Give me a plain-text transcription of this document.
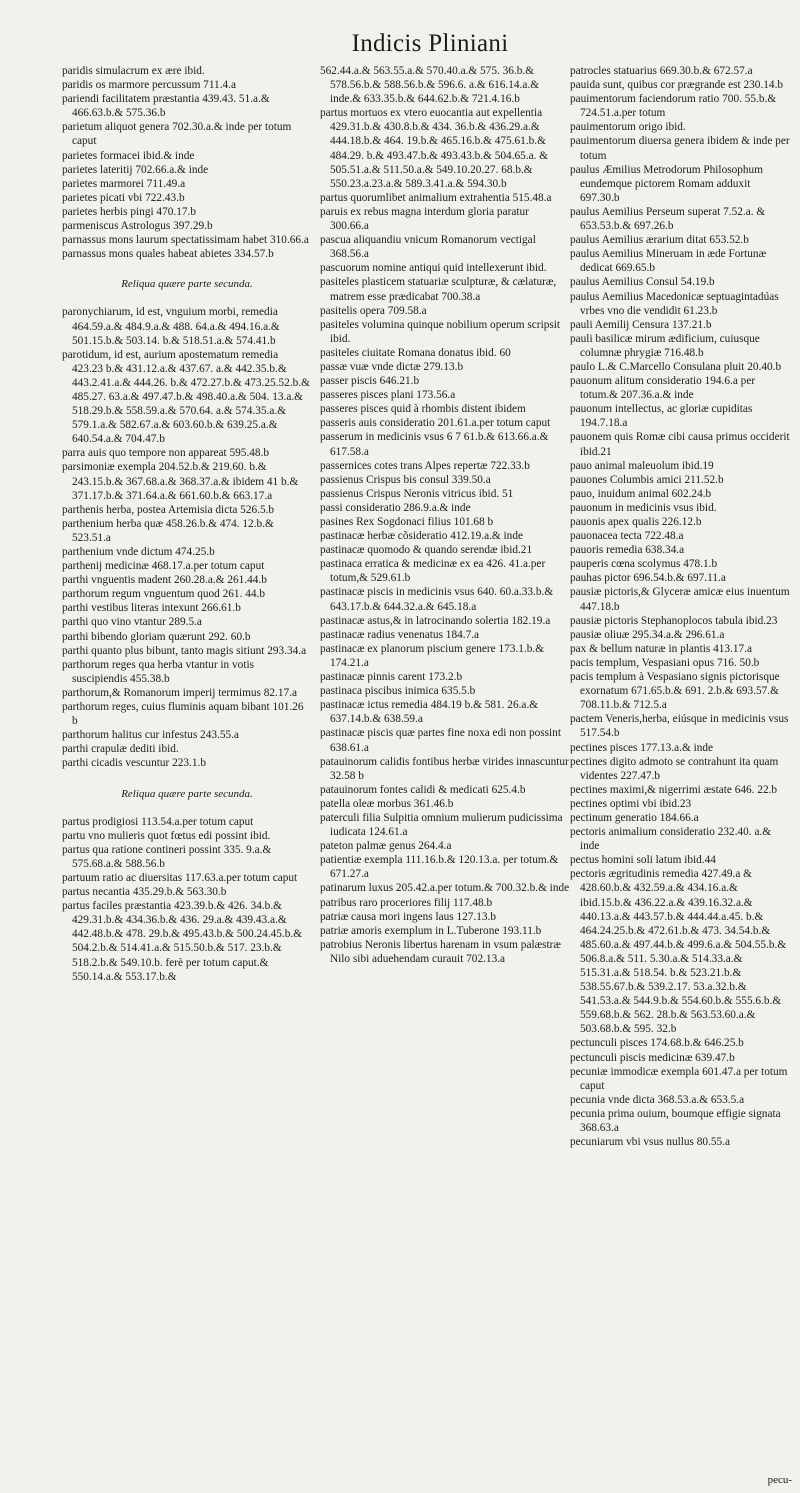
Indicis Pliniani
paridis simulacrum ex ære ibid.
paridis os marmore percussum 711.4.a
pariendi facilitatem præstantia 439.43. 51.a.& 466.63.b.& 575.36.b
parietum aliquot genera 702.30.a.& inde per totum caput
parietes formacei ibid.& inde
parietes lateritij 702.66.a.& inde
parietes marmorei 711.49.a
parietes picati vbi 722.43.b
parietes herbis pingi 470.17.b
parmeniscus Astrologus 397.29.b
parnassus mons laurum spectatissimam habet 310.66.a
parnassus mons quales habeat abietes 334.57.b
Reliqua quære parte secunda.
paronychiarum, id est, vnguium morbi, remedia 464.59.a.& 484.9.a.& 488. 64.a.& 494.16.a.& 501.15.b.& 503.14. b.& 518.51.a.& 574.41.b
parotidum, id est, aurium apostematum remedia 423.23 b.& 431.12.a.& 437.67. a.& 442.35.b.& 443.2.41.a.& 444.26. b.& 472.27.b.& 473.25.52.b.& 485.27. 63.a.& 497.47.b.& 498.40.a.& 504. 13.a.& 518.29.b.& 558.59.a.& 570.64. a.& 574.35.a.& 579.1.a.& 582.67.a.& 603.60.b.& 639.25.a.& 640.54.a.& 704.47.b
parra auis quo tempore non appareat 595.48.b
parsimoniæ exempla 204.52.b.& 219.60. b.& 243.15.b.& 367.68.a.& 368.37.a.& ibidem 41 b.& 371.17.b.& 371.64.a.& 661.60.b.& 663.17.a
parthenis herba, postea Artemisia dicta 526.5.b
parthenium herba quæ 458.26.b.& 474. 12.b.& 523.51.a
parthenium vnde dictum 474.25.b
parthenij medicinæ 468.17.a.per totum caput
parthi vnguentis madent 260.28.a.& 261.44.b
parthorum regum vnguentum quod 261. 44.b
parthi vestibus literas intexunt 266.61.b
parthi quo vino vtantur 289.5.a
parthi bibendo gloriam quærunt 292. 60.b
parthi quanto plus bibunt, tanto magis sitiunt 293.34.a
parthorum reges qua herba vtantur in votis suscipiendis 455.38.b
parthorum,& Romanorum imperij termimus 82.17.a
parthorum reges, cuius fluminis aquam bibant 101.26 b
parthorum halitus cur infestus 243.55.a
parthi crapulæ dediti ibid.
parthi cicadis vescuntur 223.1.b
Reliqua quære parte secunda.
partus prodigiosi 113.54.a.per totum caput
partu vno mulieris quot fœtus edi possint ibid.
partus qua ratione contineri possint 335. 9.a.& 575.68.a.& 588.56.b
partuum ratio ac diuersitas 117.63.a.per totum caput
partus necantia 435.29.b.& 563.30.b
partus faciles præstantia 423.39.b.& 426. 34.b.& 429.31.b.& 434.36.b.& 436. 29.a.& 439.43.a.& 442.48.b.& 478. 29.b.& 495.43.b.& 500.24.45.b.& 504.2.b.& 514.41.a.& 515.50.b.& 517. 23.b.& 518.2.b.& 549.10.b. ferè per totum caput.& 550.14.a.& 553.17.b.&
562.44.a.& 563.55.a.& 570.40.a.& 575. 36.b.& 578.56.b.& 588.56.b.& 596.6. a.& 616.14.a.& inde.& 633.35.b.& 644.62.b.& 721.4.16.b
partus mortuos ex vtero euocantia aut expellentia 429.31.b.& 430.8.b.& 434. 36.b.& 436.29.a.& 444.18.b.& 464. 19.b.& 465.16.b.& 475.61.b.& 484.29. b.& 493.47.b.& 493.43.b.& 504.65.a. & 505.51.a.& 511.50.a.& 549.10.20.27. 68.b.& 550.23.a.23.a.& 589.3.41.a.& 594.30.b
partus quorumlibet animalium extrahentia 515.48.a
paruis ex rebus magna interdum gloria paratur 300.66.a
pascua aliquandiu vnicum Romanorum vectigal 368.56.a
pascuorum nomine antiqui quid intellexerunt ibid.
pasiteles plasticem statuariæ sculpturæ, & cælaturæ, matrem esse prædicabat 700.38.a
pasitelis opera 709.58.a
pasiteles volumina quinque nobilium operum scripsit ibid.
pasiteles ciuitate Romana donatus ibid. 60
passæ vuæ vnde dictæ 279.13.b
passer piscis 646.21.b
passeres pisces plani 173.56.a
passeres pisces quid à rhombis distent ibidem
passeris auis consideratio 201.61.a.per totum caput
passerum in medicinis vsus 6 7 61.b.& 613.66.a.& 617.58.a
passernices cotes trans Alpes repertæ 722.33.b
passienus Crispus bis consul 339.50.a
passienus Crispus Neronis vitricus ibid. 51
passi consideratio 286.9.a.& inde
pasines Rex Sogdonaci filius 101.68 b
pastinacæ herbæ cõsideratio 412.19.a.& inde
pastinacæ quomodo & quando serendæ ibid.21
pastinaca erratica & medicinæ ex ea 426. 41.a.per totum,& 529.61.b
pastinacæ piscis in medicinis vsus 640. 60.a.33.b.& 643.17.b.& 644.32.a.& 645.18.a
pastinacæ astus,& in latrocinando solertia 182.19.a
pastinacæ radius venenatus 184.7.a
pastinacæ ex planorum piscium genere 173.1.b.& 174.21.a
pastinacæ pinnis carent 173.2.b
pastinaca piscibus inimica 635.5.b
pastinacæ ictus remedia 484.19 b.& 581. 26.a.& 637.14.b.& 638.59.a
pastinacæ piscis quæ partes fine noxa edi non possint 638.61.a
patauinorum calidis fontibus herbæ virides innascuntur 32.58 b
patauinorum fontes calidi & medicati 625.4.b
patella oleæ morbus 361.46.b
paterculi filia Sulpitia omnium mulierum pudicissima iudicata 124.61.a
pateton palmæ genus 264.4.a
patientiæ exempla 111.16.b.& 120.13.a. per totum.& 671.27.a
patinarum luxus 205.42.a.per totum.& 700.32.b.& inde
patribus raro proceriores filij 117.48.b
patriæ causa mori ingens laus 127.13.b
patriæ amoris exemplum in L.Tuberone 193.11.b
patrobius Neronis libertus harenam in vsum palæstræ Nilo sibi aduehendam curauit 702.13.a
patrocles statuarius 669.30.b.& 672.57.a
pauida sunt, quibus cor prægrande est 230.14.b
pauimentorum faciendorum ratio 700. 55.b.& 724.51.a.per totum
pauimentorum origo ibid.
pauimentorum diuersa genera ibidem & inde per totum
paulus Æmilius Metrodorum Philosophum eundemque pictorem Romam adduxit 697.30.b
paulus Aemilius Perseum superat 7.52.a. & 653.53.b.& 697.26.b
paulus Aemilius ærarium ditat 653.52.b
paulus Aemilius Mineruam in æde Fortunæ dedicat 669.65.b
paulus Aemilius Consul 54.19.b
paulus Aemilius Macedonicæ septuagintadúas vrbes vno die vendidit 61.23.b
pauli Aemilij Censura 137.21.b
pauli basilicæ mirum ædificium, cuiusque columnæ phrygiæ 716.48.b
paulo L.& C.Marcello Consulana pluit 20.40.b
pauonum alitum consideratio 194.6.a per totum.& 207.36.a.& inde
pauonum intellectus, ac gloriæ cupiditas 194.7.18.a
pauonem quis Romæ cibi causa primus occiderit ibid.21
pauo animal maleuolum ibid.19
pauones Columbis amici 211.52.b
pauo, inuidum animal 602.24.b
pauonum in medicinis vsus ibid.
pauonis apex qualis 226.12.b
pauonacea tecta 722.48.a
pauoris remedia 638.34.a
pauperis cœna scolymus 478.1.b
pauhas pictor 696.54.b.& 697.11.a
pausiæ pictoris,& Glyceræ amicæ eius inuentum 447.18.b
pausiæ pictoris Stephanoplocos tabula ibid.23
pausiæ oliuæ 295.34.a.& 296.61.a
pax & bellum naturæ in plantis 413.17.a
pacis templum, Vespasiani opus 716. 50.b
pacis templum à Vespasiano signis pictorisque exornatum 671.65.b.& 691. 2.b.& 693.57.& 708.11.b.& 712.5.a
pactem Veneris,herba, eiúsque in medicinis vsus 517.54.b
pectines pisces 177.13.a.& inde
pectines digito admoto se contrahunt ita quam videntes 227.47.b
pectines maximi,& nigerrimi æstate 646. 22.b
pectines optimi vbi ibid.23
pectinum generatio 184.66.a
pectoris animalium consideratio 232.40. a.& inde
pectus homini soli latum ibid.44
pectoris ægritudinis remedia 427.49.a & 428.60.b.& 432.59.a.& 434.16.a.& ibid.15.b.& 436.22.a.& 439.16.32.a.& 440.13.a.& 443.57.b.& 444.44.a.45. b.& 464.24.25.b.& 472.61.b.& 473. 34.54.b.& 485.60.a.& 497.44.b.& 499.6.a.& 504.55.b.& 506.8.a.& 511. 5.30.a.& 514.33.a.& 515.31.a.& 518.54. b.& 523.21.b.& 538.55.67.b.& 539.2.17. 53.a.32.b.& 541.53.a.& 544.9.b.& 554.60.b.& 555.6.b.& 559.68.b.& 562. 28.b.& 563.53.60.a.& 503.68.b.& 595. 32.b
pectunculi pisces 174.68.b.& 646.25.b
pectunculi piscis medicinæ 639.47.b
pecuniæ immodicæ exempla 601.47.a per totum caput
pecunia vnde dicta 368.53.a.& 653.5.a
pecunia prima ouium, boumque effigie signata 368.63.a
pecuniarum vbi vsus nullus 80.55.a
pecu-
